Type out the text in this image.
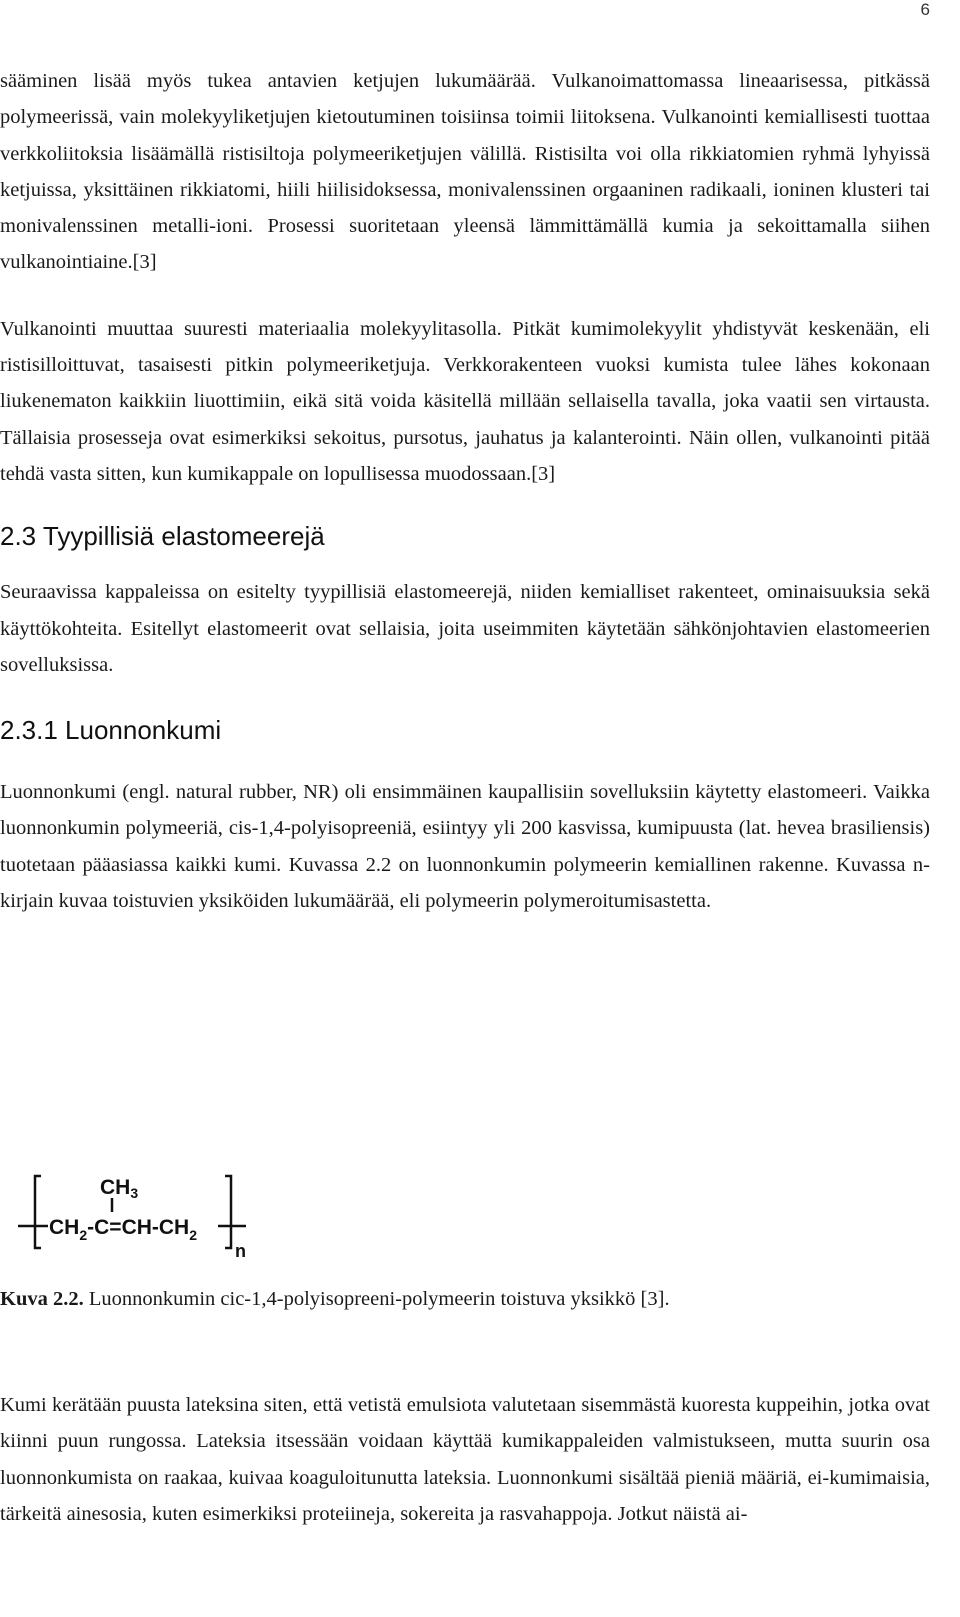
6

sääminen lisää myös tukea antavien ketjujen lukumäärää. Vulkanoimattomassa lineaarisessa, pitkässä polymeerissä, vain molekyyliketjujen kietoutuminen toisiinsa toimii liitoksena. Vulkanointi kemiallisesti tuottaa verkkoliitoksia lisäämällä ristisiltoja polymeeriketjujen välillä. Ristisilta voi olla rikkiatomien ryhmä lyhyissä ketjuissa, yksittäinen rikkiatomi, hiili hiilisidoksessa, monivalenssinen orgaaninen radikaali, ioninen klusteri tai monivalenssinen metalli-ioni. Prosessi suoritetaan yleensä lämmittämällä kumia ja sekoittamalla siihen vulkanointiaine.[3]

Vulkanointi muuttaa suuresti materiaalia molekyylitasolla. Pitkät kumimolekyylit yhdistyvät keskenään, eli ristisilloittuvat, tasaisesti pitkin polymeeriketjuja. Verkkorakenteen vuoksi kumista tulee lähes kokonaan liukenematon kaikkiin liuottimiin, eikä sitä voida käsitellä millään sellaisella tavalla, joka vaatii sen virtausta. Tällaisia prosesseja ovat esimerkiksi sekoitus, pursotus, jauhatus ja kalanterointi. Näin ollen, vulkanointi pitää tehdä vasta sitten, kun kumikappale on lopullisessa muodossaan.[3]

2.3 Tyypillisiä elastomeerejä

Seuraavissa kappaleissa on esitelty tyypillisiä elastomeerejä, niiden kemialliset rakenteet, ominaisuuksia sekä käyttökohteita. Esitellyt elastomeerit ovat sellaisia, joita useimmiten käytetään sähkönjohtavien elastomeerien sovelluksissa.

2.3.1 Luonnonkumi

Luonnonkumi (engl. natural rubber, NR) oli ensimmäinen kaupallisiin sovelluksiin käytetty elastomeeri. Vaikka luonnonkumin polymeeriä, cis-1,4-polyisopreeniä, esiintyy yli 200 kasvissa, kumipuusta (lat. hevea brasiliensis) tuotetaan pääasiassa kaikki kumi. Kuvassa 2.2 on luonnonkumin polymeerin kemiallinen rakenne. Kuvassa n-kirjain kuvaa toistuvien yksiköiden lukumäärää, eli polymeerin polymeroitumisastetta.

CH3
$CH_2-C=CH-CH_2$
n
Kuva 2.2. Luonnonkumin cic-1,4-polyisopreeni-polymeerin toistuva yksikkö [3].

Kumi kerätään puusta lateksina siten, että vetistä emulsiota valutetaan sisemmästä kuoresta kuppeihin, jotka ovat kiinni puun rungossa. Lateksia itsessään voidaan käyttää kumikappaleiden valmistukseen, mutta suurin osa luonnonkumista on raakaa, kuivaa koaguloitunutta lateksia. Luonnonkumi sisältää pieniä määriä, ei-kumimaisia, tärkeitä ainesosia, kuten esimerkiksi proteiineja, sokereita ja rasvahappoja. Jotkut näistä ai-
